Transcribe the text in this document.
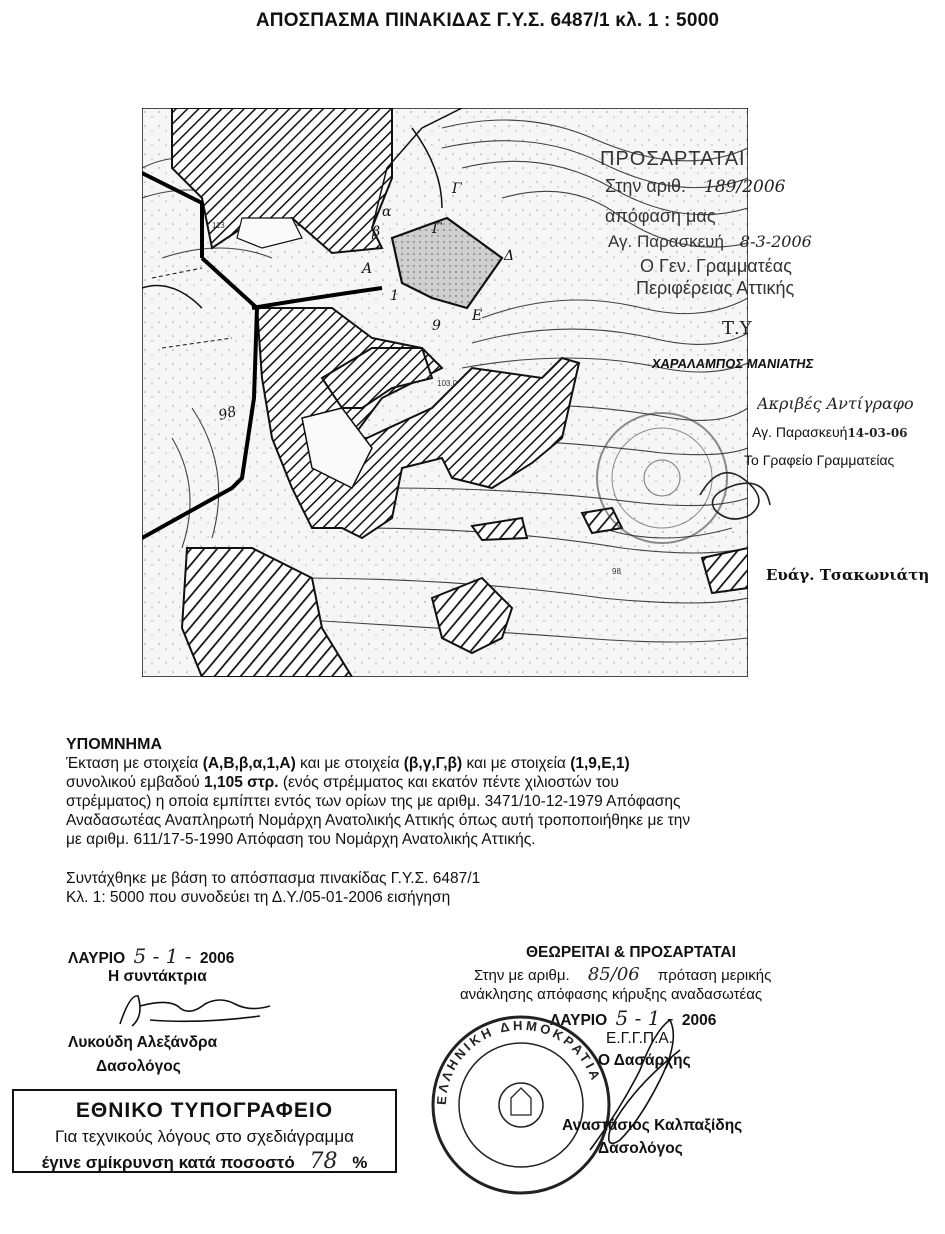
ΑΠΟΣΠΑΣΜΑ ΠΙΝΑΚΙΔΑΣ Γ.Υ.Σ. 6487/1 κλ. 1 : 5000
β	Γ
Α
1
Δ
9
Ε
98
Γ
α
113
103.0
98
ΠΡΟΣΑΡΤΑΤΑΙ
Στην αριθ. 189/2006
απόφαση μας
Αγ. Παρασκευή 8-3-2006
Ο Γεν. Γραμματέας
Περιφέρειας Αττικής
Τ.Υ
ΧΑΡΑΛΑΜΠΟΣ ΜΑΝΙΑΤΗΣ
Ακριβές Αντίγραφο
Αγ. Παρασκευή14-03-06
Το Γραφείο Γραμματείας
Ευάγ. Τσακωνιάτη
ΥΠΟΜΝΗΜΑ
Έκταση με στοιχεία (Α,Β,β,α,1,Α) και με στοιχεία (β,γ,Γ,β) και με στοιχεία (1,9,Ε,1)
συνολικού εμβαδού 1,105 στρ. (ενός στρέμματος και εκατόν πέντε χιλιοστών του
στρέμματος) η οποία εμπίπτει εντός των ορίων της με αριθμ. 3471/10-12-1979 Απόφασης
Αναδασωτέας Αναπληρωτή Νομάρχη Ανατολικής Αττικής όπως αυτή τροποποιήθηκε με την
με αριθμ. 611/17-5-1990 Απόφαση του Νομάρχη Ανατολικής Αττικής.
Συντάχθηκε με βάση το απόσπασμα πινακίδας Γ.Υ.Σ. 6487/1
Κλ. 1: 5000 που συνοδεύει τη Δ.Υ./05-01-2006 εισήγηση
ΛΑΥΡΙΟ 5 - 1 - 2006
Η συντάκτρια
Λυκούδη Αλεξάνδρα
Δασολόγος
ΘΕΩΡΕΙΤΑΙ & ΠΡΟΣΑΡΤΑΤΑΙ
Στην με αριθμ. 85/06 πρόταση μερικής
ανάκλησης απόφασης κήρυξης αναδασωτέας
ΛΑΥΡΙΟ 5 - 1 - 2006
Ε.Γ.Γ.Π.Α.
Ο Δασάρχης
ΕΛΛΗΝΙΚΗ ΔΗΜΟΚΡΑΤΙΑ
Αναστάσιος Καλπαξίδης
Δασολόγος
ΕΘΝΙΚΟ ΤΥΠΟΓΡΑΦΕΙΟ
Για τεχνικούς λόγους στο σχεδιάγραμμα
έγινε σμίκρυνση κατά ποσοστό 78 %
